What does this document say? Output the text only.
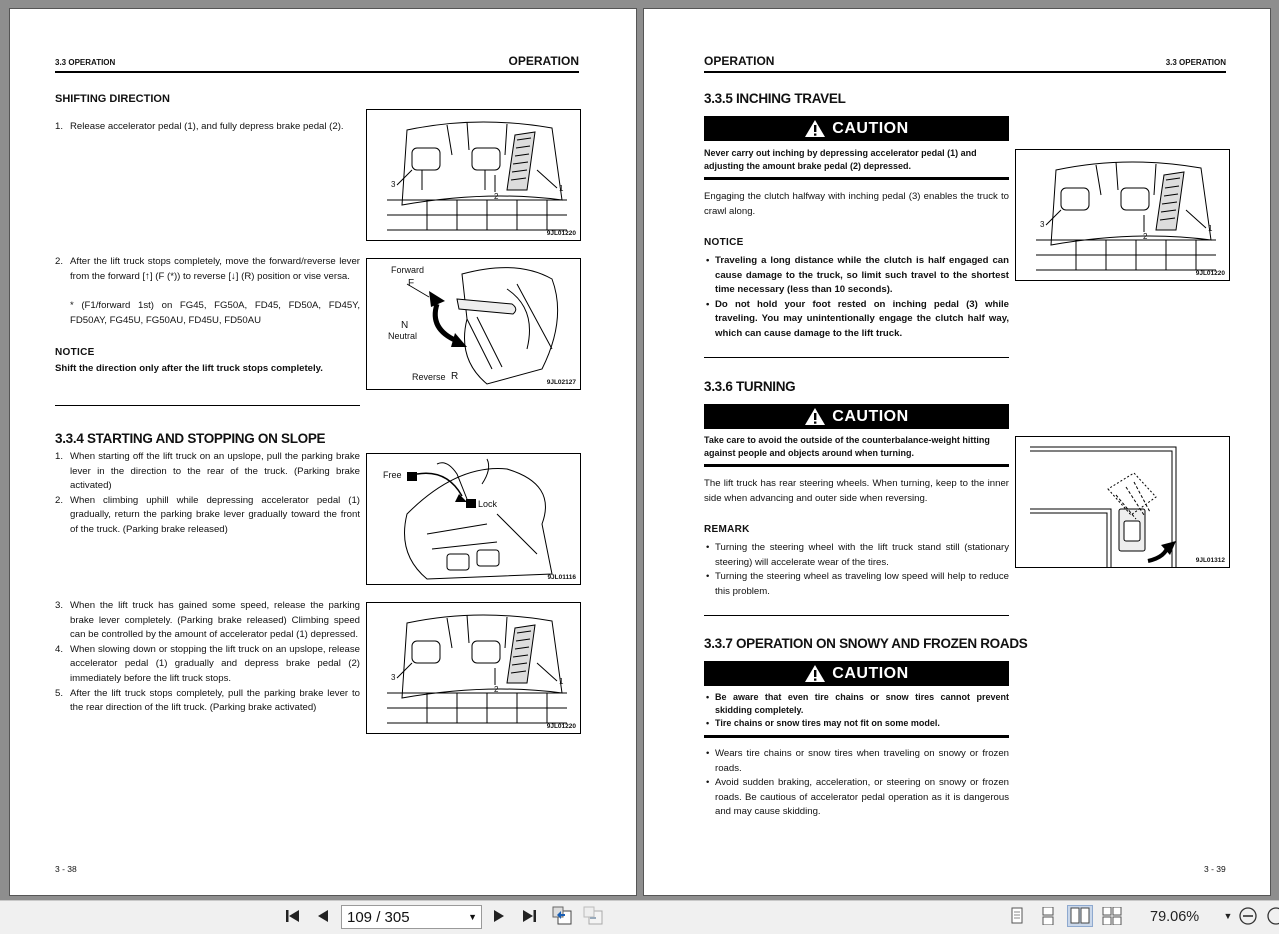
3.3 OPERATION	OPERATION
SHIFTING DIRECTION
1. Release accelerator pedal (1), and fully depress brake pedal (2).
2. After the lift truck stops completely, move the forward/reverse lever from the forward [↑] (F (*)) to reverse [↓] (R) position or vise versa.
* (F1/forward 1st) on FG45, FG50A, FD45, FD50A, FD45Y, FD50AY, FG45U, FG50AU, FD45U, FD50AU
NOTICE
Shift the direction only after the lift truck stops completely.
3.3.4 STARTING AND STOPPING ON SLOPE
1. When starting off the lift truck on an upslope, pull the parking brake lever in the direction to the rear of the truck. (Parking brake activated)
2. When climbing uphill while depressing accelerator pedal (1) gradually, return the parking brake lever gradually toward the front of the truck. (Parking brake released)
3. When the lift truck has gained some speed, release the parking brake lever completely. (Parking brake released) Climbing speed can be controlled by the amount of accelerator pedal (1) depressed.
4. When slowing down or stopping the lift truck on an upslope, release accelerator pedal (1) gradually and depress brake pedal (2) immediately before the lift truck stops.
5. After the lift truck stops completely, pull the parking brake lever to the rear direction of the lift truck. (Parking brake activated)
3
2
1
9JL01220
Forward
F
N
Neutral
Reverse R
9JL02127
Free
Lock
9JL01116
3
2
1
9JL01220
3 - 38
OPERATION	3.3 OPERATION
3.3.5 INCHING TRAVEL
CAUTION
Never carry out inching by depressing accelerator pedal (1) and adjusting the amount brake pedal (2) depressed.
Engaging the clutch halfway with inching pedal (3) enables the truck to crawl along.
NOTICE
• Traveling a long distance while the clutch is half engaged can cause damage to the truck, so limit such travel to the shortest time necessary (less than 10 seconds).
• Do not hold your foot rested on inching pedal (3) while traveling. You may unintentionally engage the clutch half way, which can cause damage to the lift truck.
3
2
1
9JL01220
3.3.6 TURNING
CAUTION
Take care to avoid the outside of the counterbalance-weight hitting against people and objects around when turning.
The lift truck has rear steering wheels. When turning, keep to the inner side when advancing and outer side when reversing.
REMARK
• Turning the steering wheel with the lift truck stand still (stationary steering) will accelerate wear of the tires.
• Turning the steering wheel as traveling low speed will help to reduce this problem.
9JL01312
3.3.7 OPERATION ON SNOWY AND FROZEN ROADS
CAUTION
• Be aware that even tire chains or snow tires cannot prevent skidding completely.
• Tire chains or snow tires may not fit on some model.
• Wears tire chains or snow tires when traveling on snowy or frozen roads.
• Avoid sudden braking, acceleration, or steering on snowy or frozen roads. Be cautious of accelerator pedal operation as it is dangerous and may cause skidding.
3 - 39
109 / 305	▼	79.06%	▼
